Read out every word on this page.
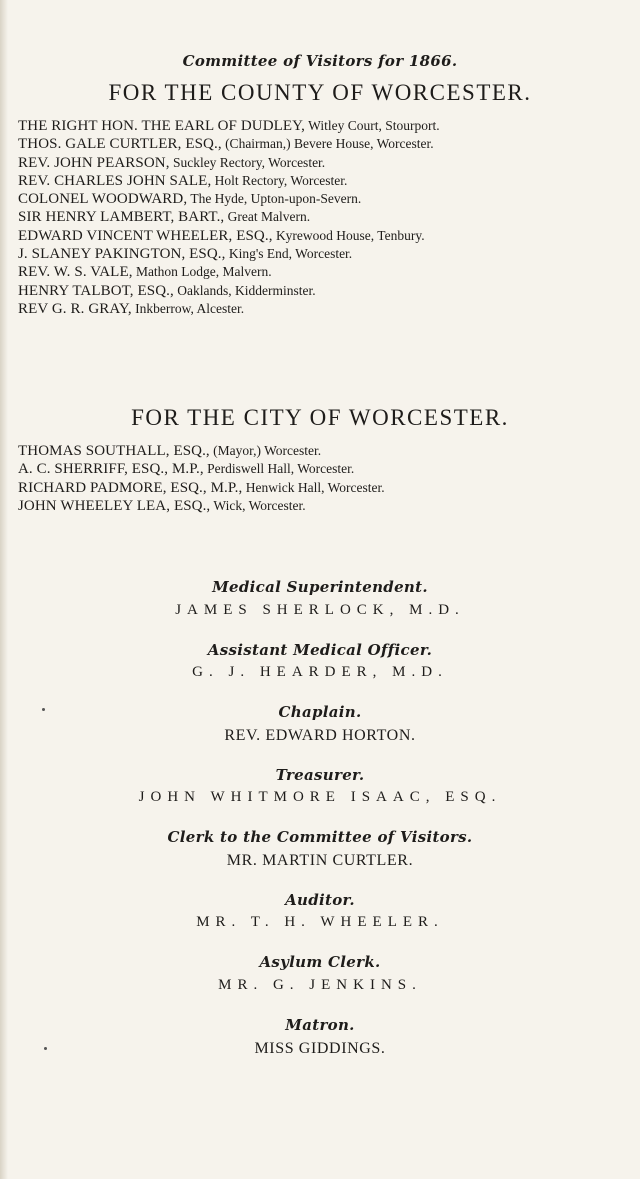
Committee of Visitors for 1866.
FOR THE COUNTY OF WORCESTER.
THE RIGHT HON. THE EARL OF DUDLEY, Witley Court, Stourport.
THOS. GALE CURTLER, ESQ., (Chairman,) Bevere House, Worcester.
REV. JOHN PEARSON, Suckley Rectory, Worcester.
REV. CHARLES JOHN SALE, Holt Rectory, Worcester.
COLONEL WOODWARD, The Hyde, Upton-upon-Severn.
SIR HENRY LAMBERT, BART., Great Malvern.
EDWARD VINCENT WHEELER, ESQ., Kyrewood House, Tenbury.
J. SLANEY PAKINGTON, ESQ., King's End, Worcester.
REV. W. S. VALE, Mathon Lodge, Malvern.
HENRY TALBOT, ESQ., Oaklands, Kidderminster.
REV G. R. GRAY, Inkberrow, Alcester.
FOR THE CITY OF WORCESTER.
THOMAS SOUTHALL, ESQ., (Mayor,) Worcester.
A. C. SHERRIFF, ESQ., M.P., Perdiswell Hall, Worcester.
RICHARD PADMORE, ESQ., M.P., Henwick Hall, Worcester.
JOHN WHEELEY LEA, ESQ., Wick, Worcester.
Medical Superintendent.
JAMES SHERLOCK, M.D.
Assistant Medical Officer.
G. J. HEARDER, M.D.
Chaplain.
REV. EDWARD HORTON.
Treasurer.
JOHN WHITMORE ISAAC, ESQ.
Clerk to the Committee of Visitors.
MR. MARTIN CURTLER.
Auditor.
MR. T. H. WHEELER.
Asylum Clerk.
MR. G. JENKINS.
Matron.
MISS GIDDINGS.
